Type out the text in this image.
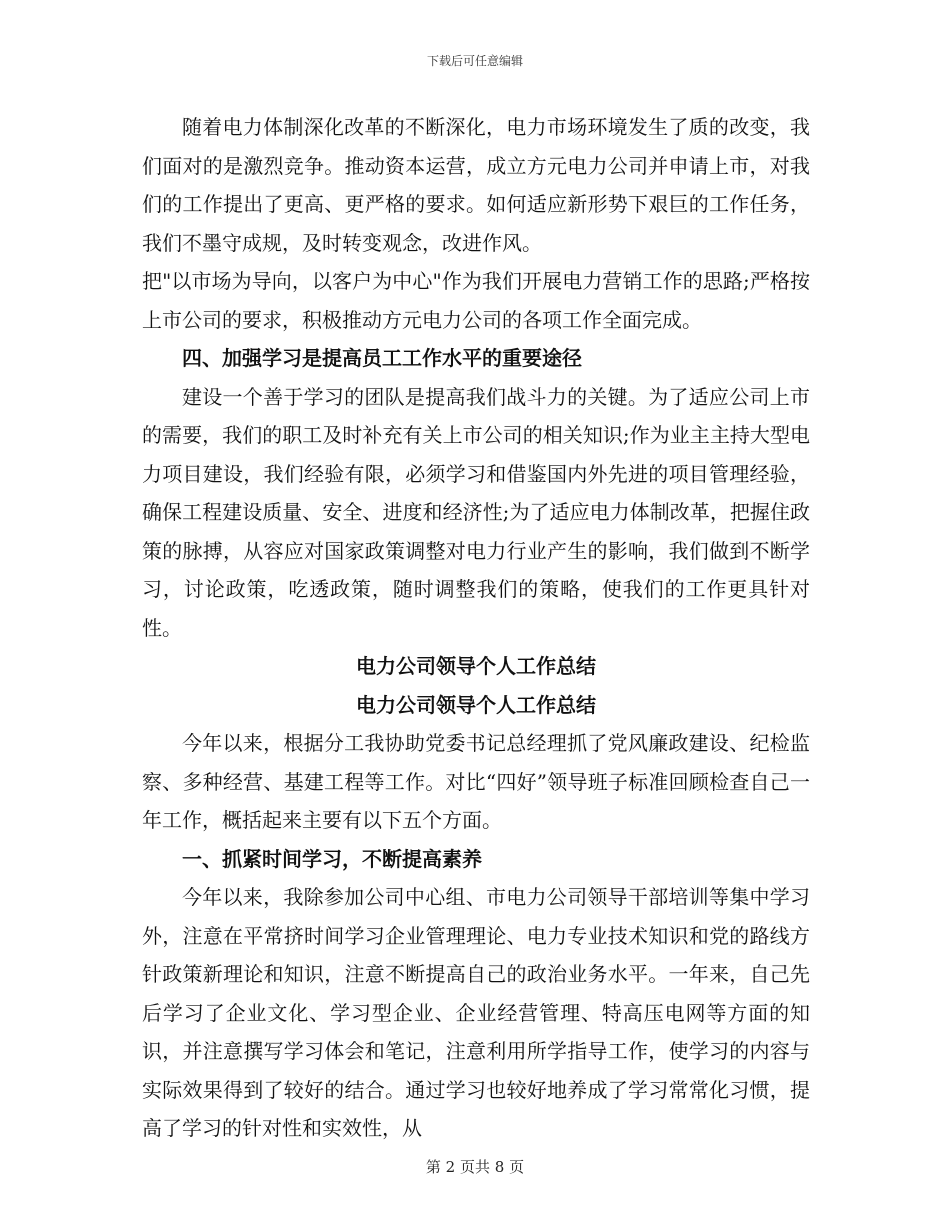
下载后可任意编辑

随着电力体制深化改革的不断深化，电力市场环境发生了质的改变，我们面对的是激烈竞争。推动资本运营，成立方元电力公司并申请上市，对我们的工作提出了更高、更严格的要求。如何适应新形势下艰巨的工作任务，我们不墨守成规，及时转变观念，改进作风。

把"以市场为导向，以客户为中心"作为我们开展电力营销工作的思路;严格按上市公司的要求，积极推动方元电力公司的各项工作全面完成。

四、加强学习是提高员工工作水平的重要途径

建设一个善于学习的团队是提高我们战斗力的关键。为了适应公司上市的需要，我们的职工及时补充有关上市公司的相关知识;作为业主主持大型电力项目建设，我们经验有限，必须学习和借鉴国内外先进的项目管理经验，确保工程建设质量、安全、进度和经济性;为了适应电力体制改革，把握住政策的脉搏，从容应对国家政策调整对电力行业产生的影响，我们做到不断学习，讨论政策，吃透政策，随时调整我们的策略，使我们的工作更具针对性。

电力公司领导个人工作总结

电力公司领导个人工作总结

今年以来，根据分工我协助党委书记总经理抓了党风廉政建设、纪检监察、多种经营、基建工程等工作。对比“四好”领导班子标准回顾检查自己一年工作，概括起来主要有以下五个方面。

一、抓紧时间学习，不断提高素养

今年以来，我除参加公司中心组、市电力公司领导干部培训等集中学习外，注意在平常挤时间学习企业管理理论、电力专业技术知识和党的路线方针政策新理论和知识，注意不断提高自己的政治业务水平。一年来，自己先后学习了企业文化、学习型企业、企业经营管理、特高压电网等方面的知识，并注意撰写学习体会和笔记，注意利用所学指导工作，使学习的内容与实际效果得到了较好的结合。通过学习也较好地养成了学习常常化习惯，提高了学习的针对性和实效性，从

第 2 页共 8 页
